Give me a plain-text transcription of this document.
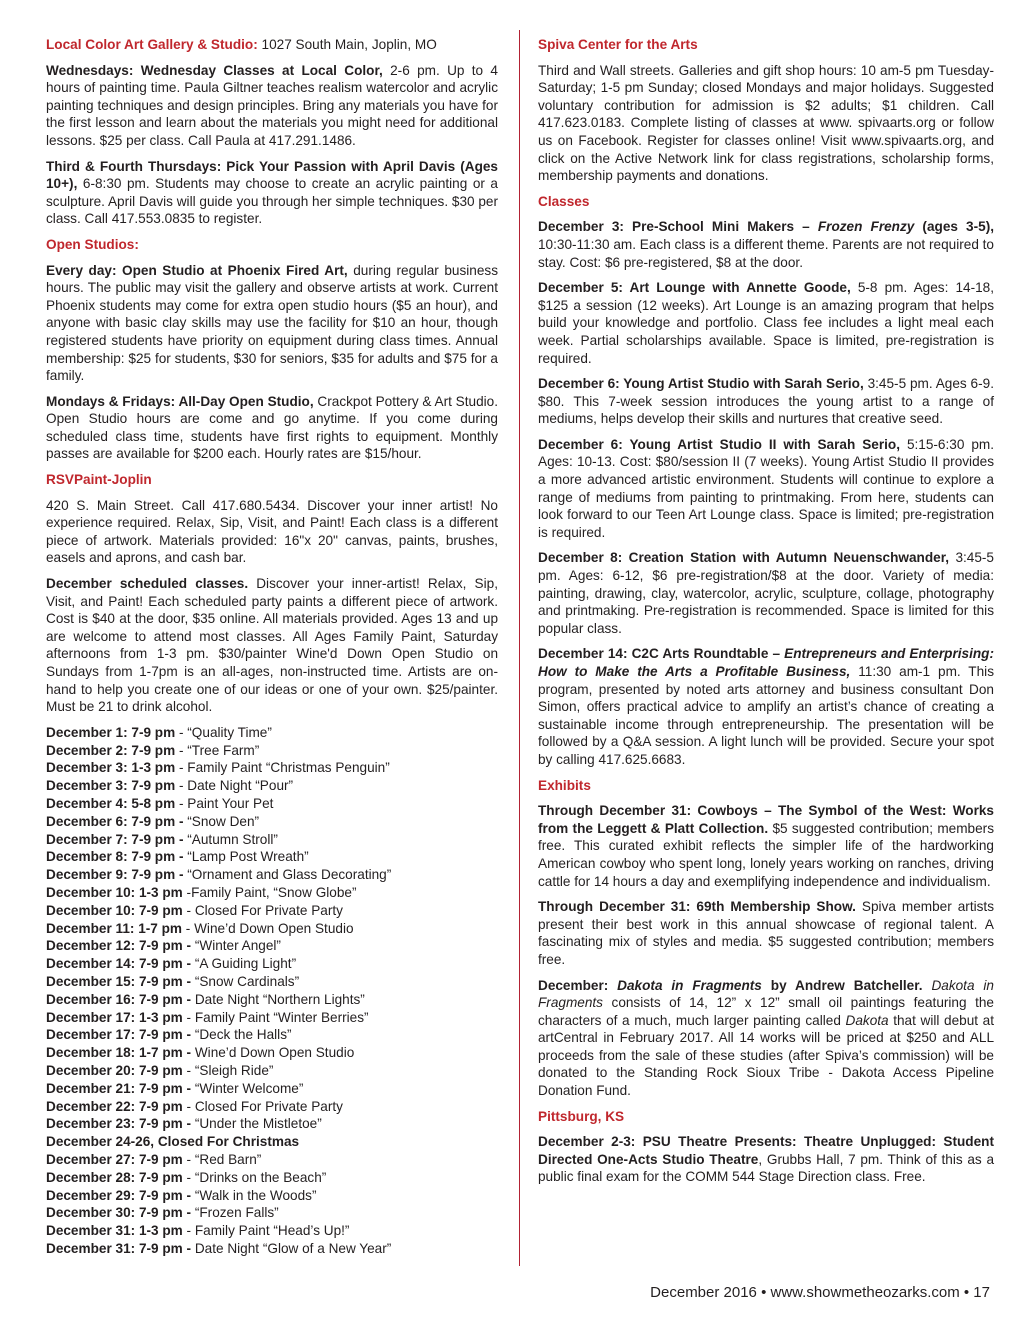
Local Color Art Gallery & Studio: 1027 South Main, Joplin, MO

Wednesdays: Wednesday Classes at Local Color, 2-6 pm. Up to 4 hours of painting time. Paula Giltner teaches realism watercolor and acrylic painting techniques and design principles. Bring any materials you have for the first lesson and learn about the materials you might need for additional lessons. $25 per class. Call Paula at 417.291.1486.

Third & Fourth Thursdays: Pick Your Passion with April Davis (Ages 10+), 6-8:30 pm. Students may choose to create an acrylic painting or a sculpture. April Davis will guide you through her simple techniques. $30 per class. Call 417.553.0835 to register.

Open Studios:

Every day: Open Studio at Phoenix Fired Art, during regular business hours. The public may visit the gallery and observe artists at work. Current Phoenix students may come for extra open studio hours ($5 an hour), and anyone with basic clay skills may use the facility for $10 an hour, though registered students have priority on equipment during class times. Annual membership: $25 for students, $30 for seniors, $35 for adults and $75 for a family.

Mondays & Fridays: All-Day Open Studio, Crackpot Pottery & Art Studio. Open Studio hours are come and go anytime. If you come during scheduled class time, students have first rights to equipment. Monthly passes are available for $200 each. Hourly rates are $15/hour.

RSVPaint-Joplin

420 S. Main Street. Call 417.680.5434. Discover your inner artist! No experience required. Relax, Sip, Visit, and Paint! Each class is a different piece of artwork. Materials provided: 16"x 20" canvas, paints, brushes, easels and aprons, and cash bar.

December scheduled classes. Discover your inner-artist! Relax, Sip, Visit, and Paint! Each scheduled party paints a different piece of artwork. Cost is $40 at the door, $35 online. All materials provided. Ages 13 and up are welcome to attend most classes. All Ages Family Paint, Saturday afternoons from 1-3 pm. $30/painter Wine'd Down Open Studio on Sundays from 1-7pm is an all-ages, non-instructed time. Artists are on-hand to help you create one of our ideas or one of your own. $25/painter. Must be 21 to drink alcohol.

December 1: 7-9 pm - “Quality Time”
December 2: 7-9 pm - “Tree Farm”
December 3: 1-3 pm - Family Paint “Christmas Penguin”
December 3: 7-9 pm - Date Night “Pour”
December 4: 5-8 pm - Paint Your Pet
December 6: 7-9 pm - “Snow Den”
December 7: 7-9 pm - “Autumn Stroll”
December 8: 7-9 pm - “Lamp Post Wreath”
December 9: 7-9 pm - “Ornament and Glass Decorating”
December 10: 1-3 pm -Family Paint, “Snow Globe”
December 10: 7-9 pm - Closed For Private Party
December 11: 1-7 pm - Wine’d Down Open Studio
December 12: 7-9 pm - “Winter Angel”
December 14: 7-9 pm - “A Guiding Light”
December 15: 7-9 pm - “Snow Cardinals”
December 16: 7-9 pm - Date Night “Northern Lights”
December 17: 1-3 pm - Family Paint “Winter Berries”
December 17: 7-9 pm - “Deck the Halls”
December 18: 1-7 pm - Wine’d Down Open Studio
December 20: 7-9 pm - “Sleigh Ride”
December 21: 7-9 pm - “Winter Welcome”
December 22: 7-9 pm - Closed For Private Party
December 23: 7-9 pm - “Under the Mistletoe”
December 24-26, Closed For Christmas
December 27: 7-9 pm - “Red Barn”
December 28: 7-9 pm - “Drinks on the Beach”
December 29: 7-9 pm - “Walk in the Woods”
December 30: 7-9 pm - “Frozen Falls”
December 31: 1-3 pm - Family Paint “Head’s Up!”
December 31: 7-9 pm - Date Night “Glow of a New Year”
Spiva Center for the Arts

Third and Wall streets. Galleries and gift shop hours: 10 am-5 pm Tuesday-Saturday; 1-5 pm Sunday; closed Mondays and major holidays. Suggested voluntary contribution for admission is $2 adults; $1 children. Call 417.623.0183. Complete listing of classes at www. spivaarts.org or follow us on Facebook. Register for classes online! Visit www.spivaarts.org, and click on the Active Network link for class registrations, scholarship forms, membership payments and donations.

Classes

December 3: Pre-School Mini Makers – Frozen Frenzy (ages 3-5), 10:30-11:30 am. Each class is a different theme. Parents are not required to stay. Cost: $6 pre-registered, $8 at the door.

December 5: Art Lounge with Annette Goode, 5-8 pm. Ages: 14-18, $125 a session (12 weeks). Art Lounge is an amazing program that helps build your knowledge and portfolio. Class fee includes a light meal each week. Partial scholarships available. Space is limited, pre-registration is required.

December 6: Young Artist Studio with Sarah Serio, 3:45-5 pm. Ages 6-9. $80. This 7-week session introduces the young artist to a range of mediums, helps develop their skills and nurtures that creative seed.

December 6: Young Artist Studio II with Sarah Serio, 5:15-6:30 pm. Ages: 10-13. Cost: $80/session II (7 weeks). Young Artist Studio II provides a more advanced artistic environment. Students will continue to explore a range of mediums from painting to printmaking. From here, students can look forward to our Teen Art Lounge class. Space is limited; pre-registration is required.

December 8: Creation Station with Autumn Neuenschwander, 3:45-5 pm. Ages: 6-12, $6 pre-registration/$8 at the door. Variety of media: painting, drawing, clay, watercolor, acrylic, sculpture, collage, photography and printmaking. Pre-registration is recommended. Space is limited for this popular class.

December 14: C2C Arts Roundtable – Entrepreneurs and Enterprising: How to Make the Arts a Profitable Business, 11:30 am-1 pm. This program, presented by noted arts attorney and business consultant Don Simon, offers practical advice to amplify an artist’s chance of creating a sustainable income through entrepreneurship. The presentation will be followed by a Q&A session. A light lunch will be provided. Secure your spot by calling 417.625.6683.

Exhibits

Through December 31: Cowboys – The Symbol of the West: Works from the Leggett & Platt Collection. $5 suggested contribution; members free. This curated exhibit reflects the simpler life of the hardworking American cowboy who spent long, lonely years working on ranches, driving cattle for 14 hours a day and exemplifying independence and individualism.

Through December 31: 69th Membership Show. Spiva member artists present their best work in this annual showcase of regional talent. A fascinating mix of styles and media. $5 suggested contribution; members free.

December: Dakota in Fragments by Andrew Batcheller. Dakota in Fragments consists of 14, 12” x 12” small oil paintings featuring the characters of a much, much larger painting called Dakota that will debut at artCentral in February 2017. All 14 works will be priced at $250 and ALL proceeds from the sale of these studies (after Spiva’s commission) will be donated to the Standing Rock Sioux Tribe - Dakota Access Pipeline Donation Fund.

Pittsburg, KS

December 2-3: PSU Theatre Presents: Theatre Unplugged: Student Directed One-Acts Studio Theatre, Grubbs Hall, 7 pm. Think of this as a public final exam for the COMM 544 Stage Direction class. Free.

December 2016 • www.showmetheozarks.com • 17
